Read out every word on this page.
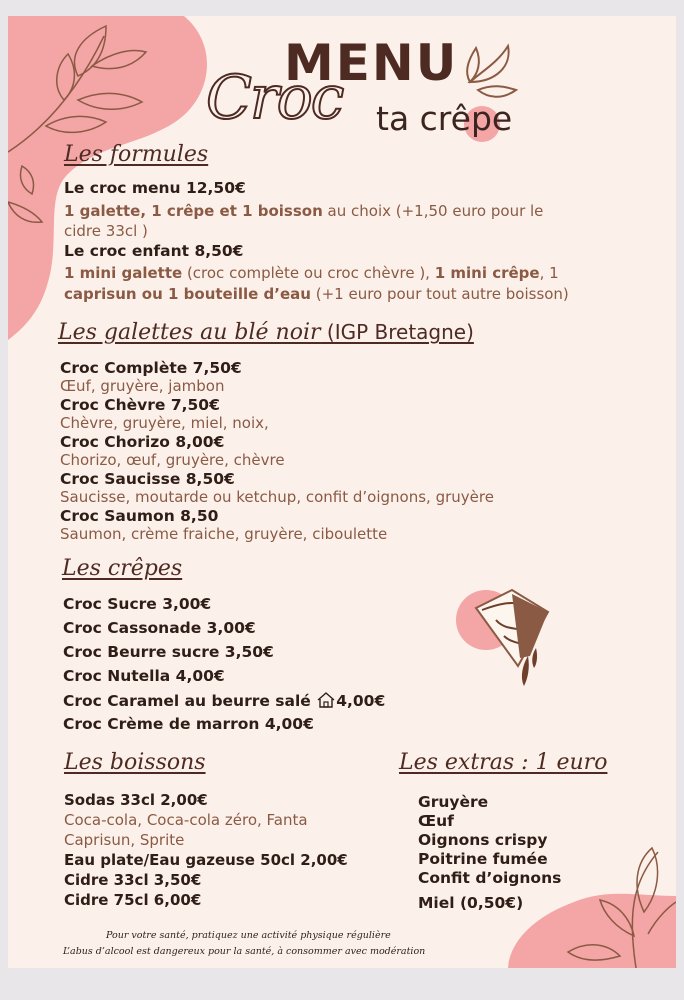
MENU
Croc ta crêpe
Les formules
Le croc menu 12,50€
1 galette, 1 crêpe et 1 boisson au choix (+1,50 euro pour le
cidre 33cl )
Le croc enfant 8,50€
1 mini galette (croc complète ou croc chèvre ), 1 mini crêpe, 1
caprisun ou 1 bouteille d’eau (+1 euro pour tout autre boisson)
Les galettes au blé noir (IGP Bretagne)
Croc Complète 7,50€
Œuf, gruyère, jambon
Croc Chèvre 7,50€
Chèvre, gruyère, miel, noix,
Croc Chorizo 8,00€
Chorizo, œuf, gruyère, chèvre
Croc Saucisse 8,50€
Saucisse, moutarde ou ketchup, confit d’oignons, gruyère
Croc Saumon 8,50
Saumon, crème fraiche, gruyère, ciboulette
Les crêpes
Croc Sucre 3,00€
Croc Cassonade 3,00€
Croc Beurre sucre 3,50€
Croc Nutella 4,00€
Croc Caramel au beurre salé 4,00€
Croc Crème de marron 4,00€
Les boissons
Sodas 33cl 2,00€
Coca-cola, Coca-cola zéro, Fanta
Caprisun, Sprite
Eau plate/Eau gazeuse 50cl 2,00€
Cidre 33cl 3,50€
Cidre 75cl 6,00€
Les extras : 1 euro
Gruyère
Œuf
Oignons crispy
Poitrine fumée
Confit d’oignons
Miel (0,50€)
Pour votre santé, pratiquez une activité physique régulière
L’abus d’alcool est dangereux pour la santé, à consommer avec modération
